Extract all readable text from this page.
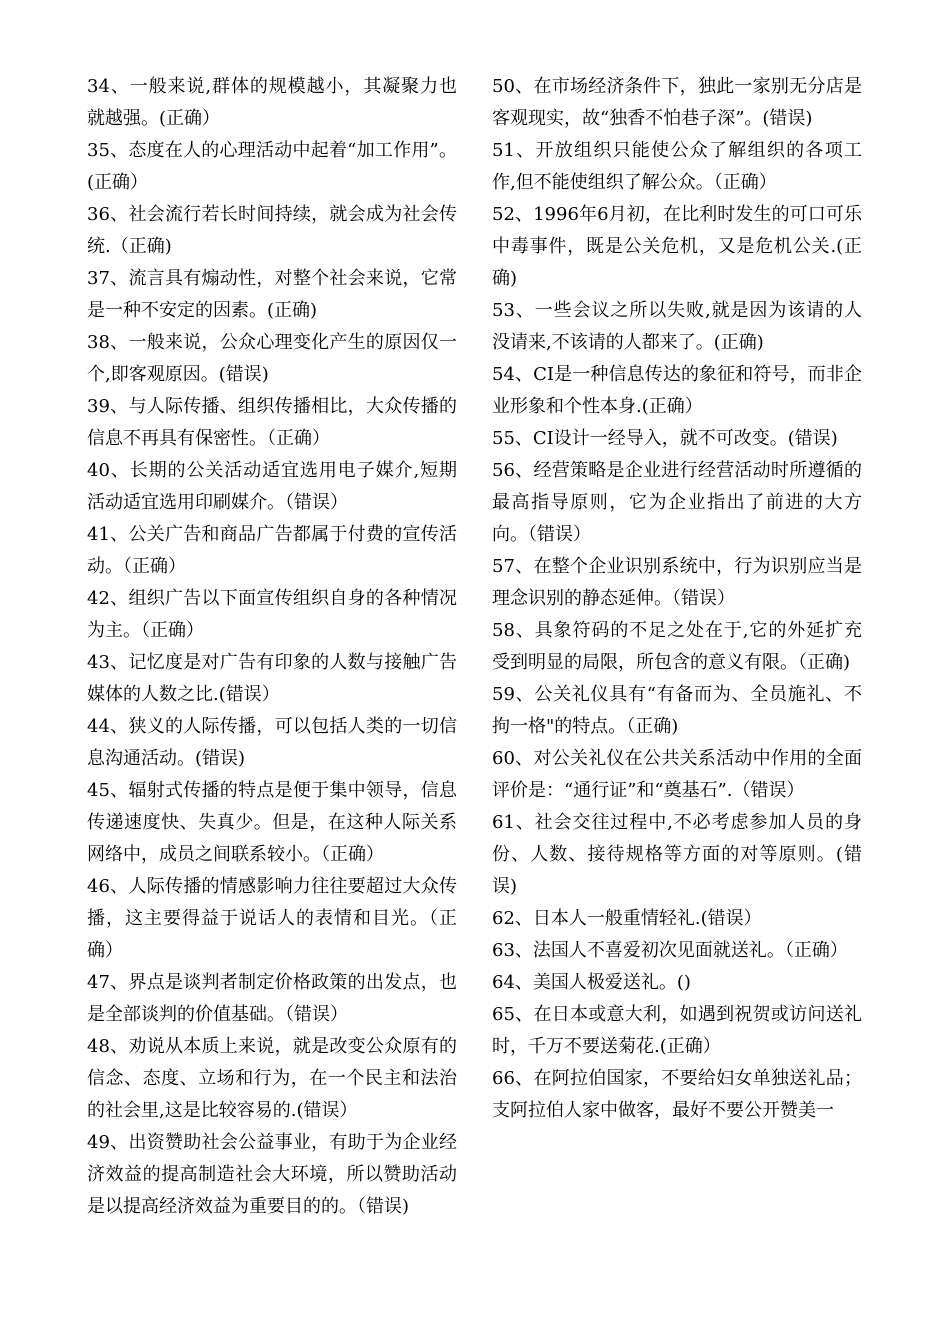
34、一般来说,群体的规模越小，其凝聚力也就越强。(正确）

35、态度在人的心理活动中起着“加工作用”。(正确）

36、社会流行若长时间持续，就会成为社会传统.（正确)

37、流言具有煽动性，对整个社会来说，它常是一种不安定的因素。(正确)

38、一般来说，公众心理变化产生的原因仅一个,即客观原因。(错误)

39、与人际传播、组织传播相比，大众传播的信息不再具有保密性。（正确）

40、长期的公关活动适宜选用电子媒介,短期活动适宜选用印刷媒介。（错误）

41、公关广告和商品广告都属于付费的宣传活动。（正确）

42、组织广告以下面宣传组织自身的各种情况为主。（正确）

43、记忆度是对广告有印象的人数与接触广告媒体的人数之比.(错误）

44、狭义的人际传播，可以包括人类的一切信息沟通活动。(错误)

45、辐射式传播的特点是便于集中领导，信息传递速度快、失真少。但是，在这种人际关系网络中，成员之间联系较小。（正确）

46、人际传播的情感影响力往往要超过大众传播，这主要得益于说话人的表情和目光。（正确）

47、界点是谈判者制定价格政策的出发点，也是全部谈判的价值基础。（错误）

48、劝说从本质上来说，就是改变公众原有的信念、态度、立场和行为，在一个民主和法治的社会里,这是比较容易的.(错误）

49、出资赞助社会公益事业，有助于为企业经济效益的提高制造社会大环境，所以赞助活动是以提高经济效益为重要目的的。（错误)

50、在市场经济条件下，独此一家别无分店是客观现实，故“独香不怕巷子深”。(错误)

51、开放组织只能使公众了解组织的各项工作,但不能使组织了解公众。（正确）

52、1996年6月初，在比利时发生的可口可乐中毒事件，既是公关危机，又是危机公关.(正确)

53、一些会议之所以失败,就是因为该请的人没请来,不该请的人都来了。(正确)

54、CI是一种信息传达的象征和符号，而非企业形象和个性本身.(正确）

55、CI设计一经导入，就不可改变。(错误)

56、经营策略是企业进行经营活动时所遵循的最高指导原则，它为企业指出了前进的大方向。（错误）

57、在整个企业识别系统中，行为识别应当是理念识别的静态延伸。（错误）

58、具象符码的不足之处在于,它的外延扩充受到明显的局限，所包含的意义有限。（正确)

59、公关礼仪具有“有备而为、全员施礼、不拘一格"的特点。（正确)

60、对公关礼仪在公共关系活动中作用的全面评价是：“通行证”和“奠基石”.（错误）

61、社会交往过程中,不必考虑参加人员的身份、人数、接待规格等方面的对等原则。(错误)

62、日本人一般重情轻礼.(错误）

63、法国人不喜爱初次见面就送礼。（正确）

64、美国人极爱送礼。()

65、在日本或意大利，如遇到祝贺或访问送礼时，千万不要送菊花.(正确）

66、在阿拉伯国家，不要给妇女单独送礼品；支阿拉伯人家中做客，最好不要公开赞美一
